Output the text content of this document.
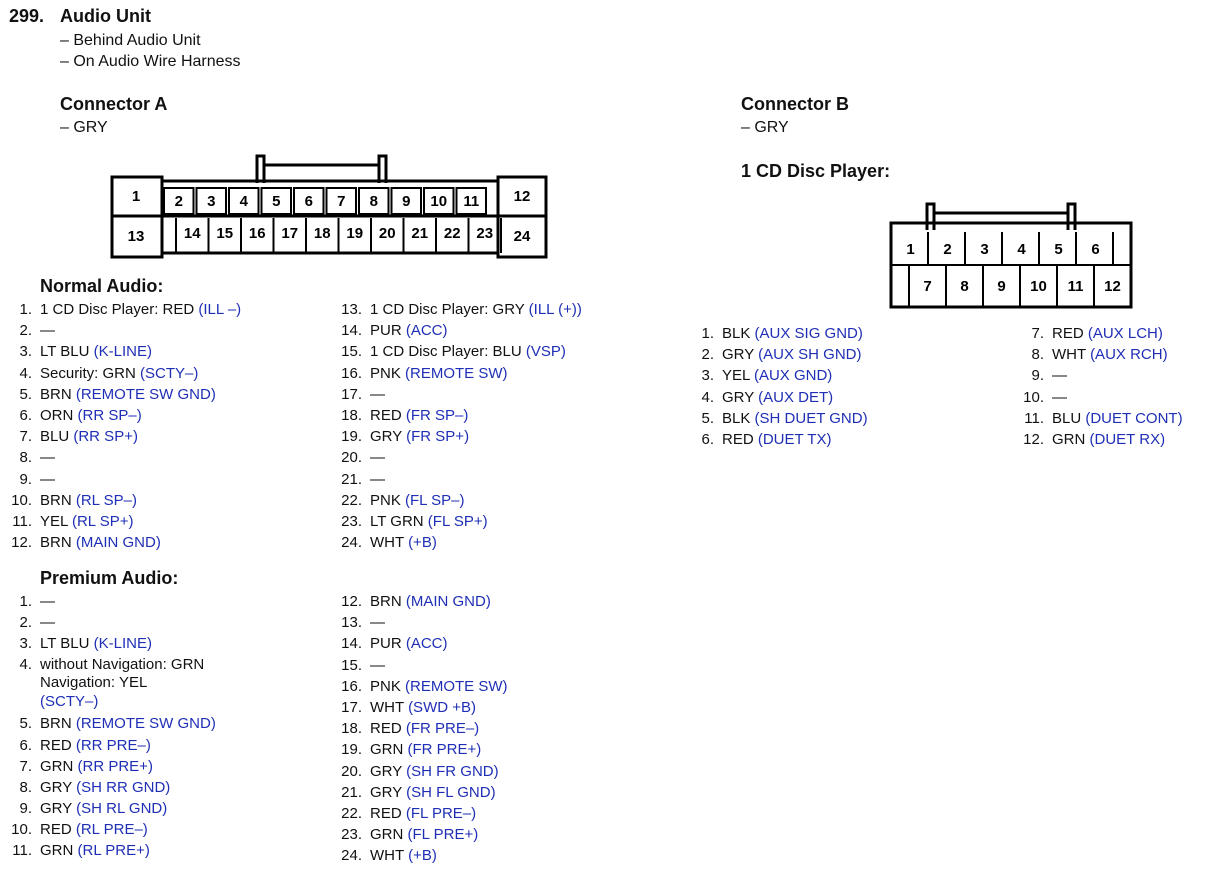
299. Audio Unit
– Behind Audio Unit
– On Audio Wire Harness
Connector A
– GRY
Connector B
– GRY
1 CD Disc Player:
1
13
12
24
2 3 4 5 6 7 8 9 10 11
14 15 16 17 18 19 20 21 22 23
1 2 3 4 5 6
7 8 9 10 11 12
Normal Audio:
1. 1 CD Disc Player: RED (ILL –)
2. —
3. LT BLU (K-LINE)
4. Security: GRN (SCTY–)
5. BRN (REMOTE SW GND)
6. ORN (RR SP–)
7. BLU (RR SP+)
8. —
9. —
10. BRN (RL SP–)
11. YEL (RL SP+)
12. BRN (MAIN GND)
13. 1 CD Disc Player: GRY (ILL (+))
14. PUR (ACC)
15. 1 CD Disc Player: BLU (VSP)
16. PNK (REMOTE SW)
17. —
18. RED (FR SP–)
19. GRY (FR SP+)
20. —
21. —
22. PNK (FL SP–)
23. LT GRN (FL SP+)
24. WHT (+B)
Premium Audio:
1. —
2. —
3. LT BLU (K-LINE)
4. without Navigation: GRN
Navigation: YEL
(SCTY–)
5. BRN (REMOTE SW GND)
6. RED (RR PRE–)
7. GRN (RR PRE+)
8. GRY (SH RR GND)
9. GRY (SH RL GND)
10. RED (RL PRE–)
11. GRN (RL PRE+)
12. BRN (MAIN GND)
13. —
14. PUR (ACC)
15. —
16. PNK (REMOTE SW)
17. WHT (SWD +B)
18. RED (FR PRE–)
19. GRN (FR PRE+)
20. GRY (SH FR GND)
21. GRY (SH FL GND)
22. RED (FL PRE–)
23. GRN (FL PRE+)
24. WHT (+B)
1. BLK (AUX SIG GND)
2. GRY (AUX SH GND)
3. YEL (AUX GND)
4. GRY (AUX DET)
5. BLK (SH DUET GND)
6. RED (DUET TX)
7. RED (AUX LCH)
8. WHT (AUX RCH)
9. —
10. —
11. BLU (DUET CONT)
12. GRN (DUET RX)
